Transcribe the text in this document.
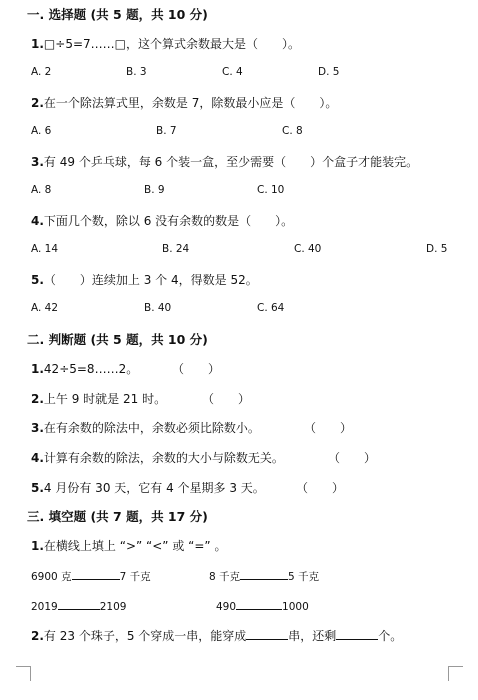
一. 选择题 (共 5 题，共 10 分)
1.□÷5=7……□，这个算式余数最大是（　　）。
A. 2	B. 3	C. 4	D. 5
2.在一个除法算式里，余数是 7，除数最小应是（　　）。
A. 6	B. 7	C. 8
3.有 49 个乒乓球，每 6 个装一盒，至少需要（　　）个盒子才能装完。
A. 8	B. 9	C. 10
4.下面几个数，除以 6 没有余数的数是（　　）。
A. 14	B. 24	C. 40	D. 5
5.（　　）连续加上 3 个 4，得数是 52。
A. 42	B. 40	C. 64
二. 判断题 (共 5 题，共 10 分)
1.42÷5=8……2。	（　　）
2.上午 9 时就是 21 时。	（　　）
3.在有余数的除法中，余数必须比除数小。	（　　）
4.计算有余数的除法，余数的大小与除数无关。	（　　）
5.4 月份有 30 天，它有 4 个星期多 3 天。	（　　）
三. 填空题 (共 7 题，共 17 分)
1.在横线上填上 “>” “<” 或 “=” 。
6900 克	7 千克	8 千克	5 千克
2019	2109	490	1000
2.有 23 个珠子，5 个穿成一串，能穿成	串，还剩	个。
